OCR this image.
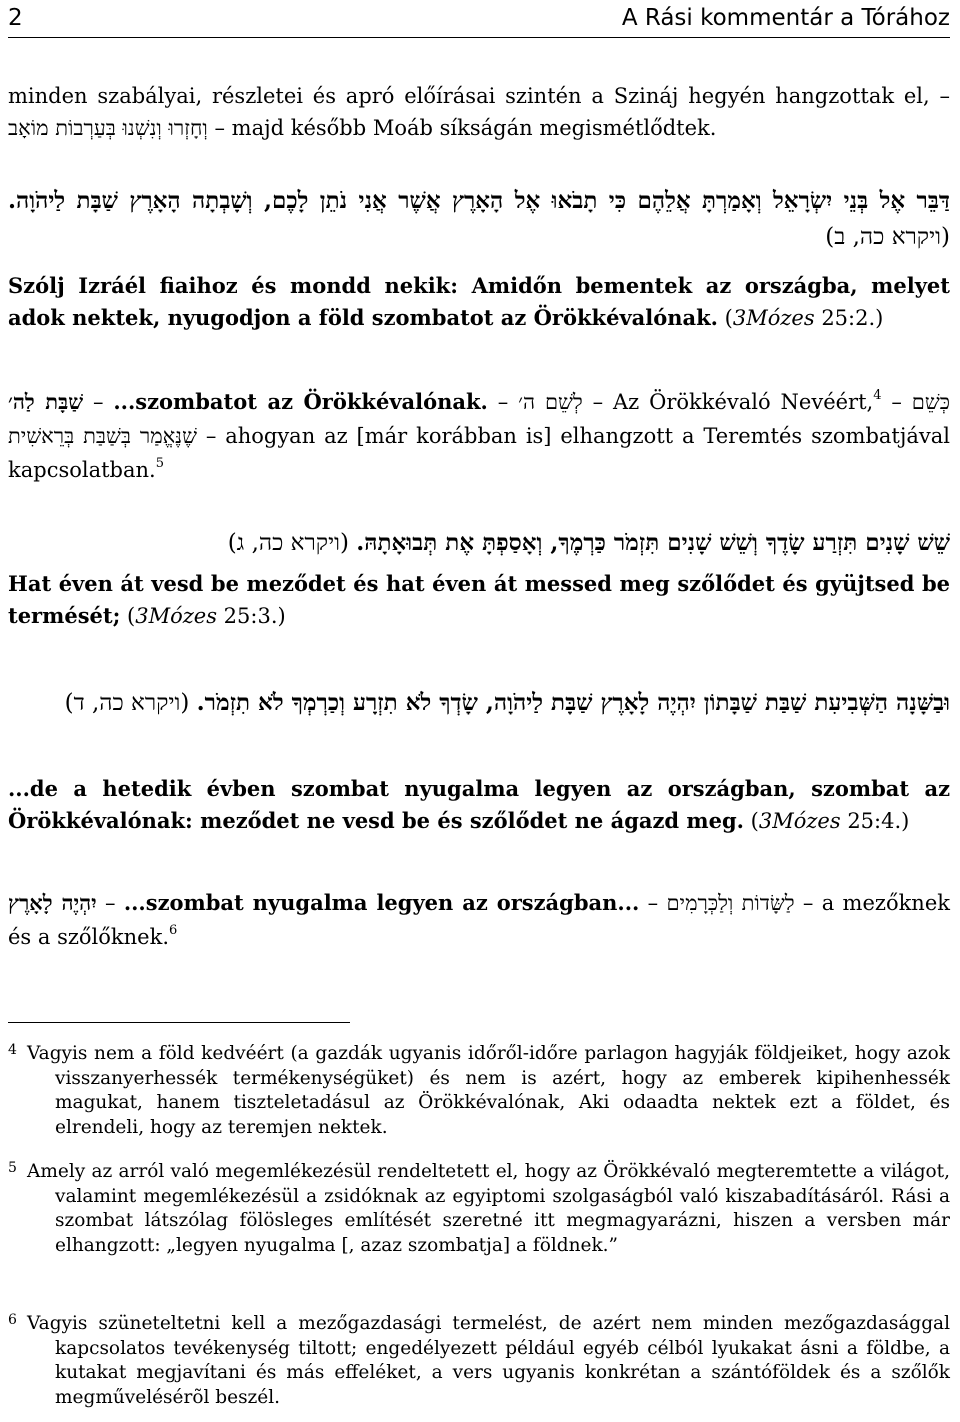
2	A Rási kommentár a Tórához
minden szabályai, részletei és apró előírásai szintén a Szináj hegyén hangzottak el, – וְחָזְרוּ וְנִשְׁנוּ בְּעַרְבוֹת מוֹאָב – majd később Moáb síkságán megismétlődtek.
דַּבֵּר אֶל בְּנֵי יִשְׂרָאֵל וְאָמַרְתָּ אֲלֵהֶם כִּי תָבֹאוּ אֶל הָאָרֶץ אֲשֶׁר אֲנִי נֹתֵן לָכֶם, וְשָׁבְתָה הָאָרֶץ שַׁבָּת לַיהֹוָה. (ויקרא כה, ב)
Szólj Izráél fiaihoz és mondd nekik: Amidőn bementek az országba, melyet adok nektek, nyugodjon a föld szombatot az Örökkévalónak. (3Mózes 25:2.)
שַׁבָּת לַה׳ – ...szombatot az Örökkévalónak. – לְשֵׁם ה׳ – Az Örökkévaló Nevéért,$^4$ – כְּשֵׁם שֶׁנֶּאֱמַר בְּשַׁבַּת בְּרֵאשִׁית – ahogyan az [már korábban is] elhangzott a Teremtés szombatjával kapcsolatban.$^5$
שֵׁשׁ שָׁנִים תִּזְרַע שָׂדֶךָ וְשֵׁשׁ שָׁנִים תִּזְמֹר כַּרְמֶךָ, וְאָסַפְתָּ אֶת תְּבוּאָתָהּ. (ויקרא כה, ג)
Hat éven át vesd be meződet és hat éven át messed meg szőlődet és gyüjtsed be termését; (3Mózes 25:3.)
וּבַשָּׁנָה הַשְּׁבִיעִת שַׁבַּת שַׁבָּתוֹן יִהְיֶה לָאָרֶץ שַׁבָּת לַיהֹוָה, שָׂדְךָ לֹא תִזְרָע וְכַרְמְךָ לֹא תִזְמֹר. (ויקרא כה, ד)
...de a hetedik évben szombat nyugalma legyen az országban, szombat az Örökkévalónak: meződet ne vesd be és szőlődet ne ágazd meg. (3Mózes 25:4.)
יִהְיֶה לָאָרֶץ – ...szombat nyugalma legyen az országban... – לַשָּׂדוֹת וְלַכְּרָמִים – a mezőknek és a szőlőknek.$^6$
4 Vagyis nem a föld kedvéért (a gazdák ugyanis időről-időre parlagon hagyják földjeiket, hogy azok visszanyerhessék termékenységüket) és nem is azért, hogy az emberek kipihenhessék magukat, hanem tiszteletadásul az Örökkévalónak, Aki odaadta nektek ezt a földet, és elrendeli, hogy az teremjen nektek.
5 Amely az arról való megemlékezésül rendeltetett el, hogy az Örökkévaló megteremtette a világot, valamint megemlékezésül a zsidóknak az egyiptomi szolgaságból való kiszabadításáról. Rási a szombat látszólag fölösleges említését szeretné itt megmagyarázni, hiszen a versben már elhangzott: „legyen nyugalma [, azaz szombatja] a földnek.”
6 Vagyis szüneteltetni kell a mezőgazdasági termelést, de azért nem minden mezőgazdasággal kapcsolatos tevékenység tiltott; engedélyezett például egyéb célból lyukakat ásni a földbe, a kutakat megjavítani és más effeléket, a vers ugyanis konkrétan a szántóföldek és a szőlők megművelésérõl beszél.
